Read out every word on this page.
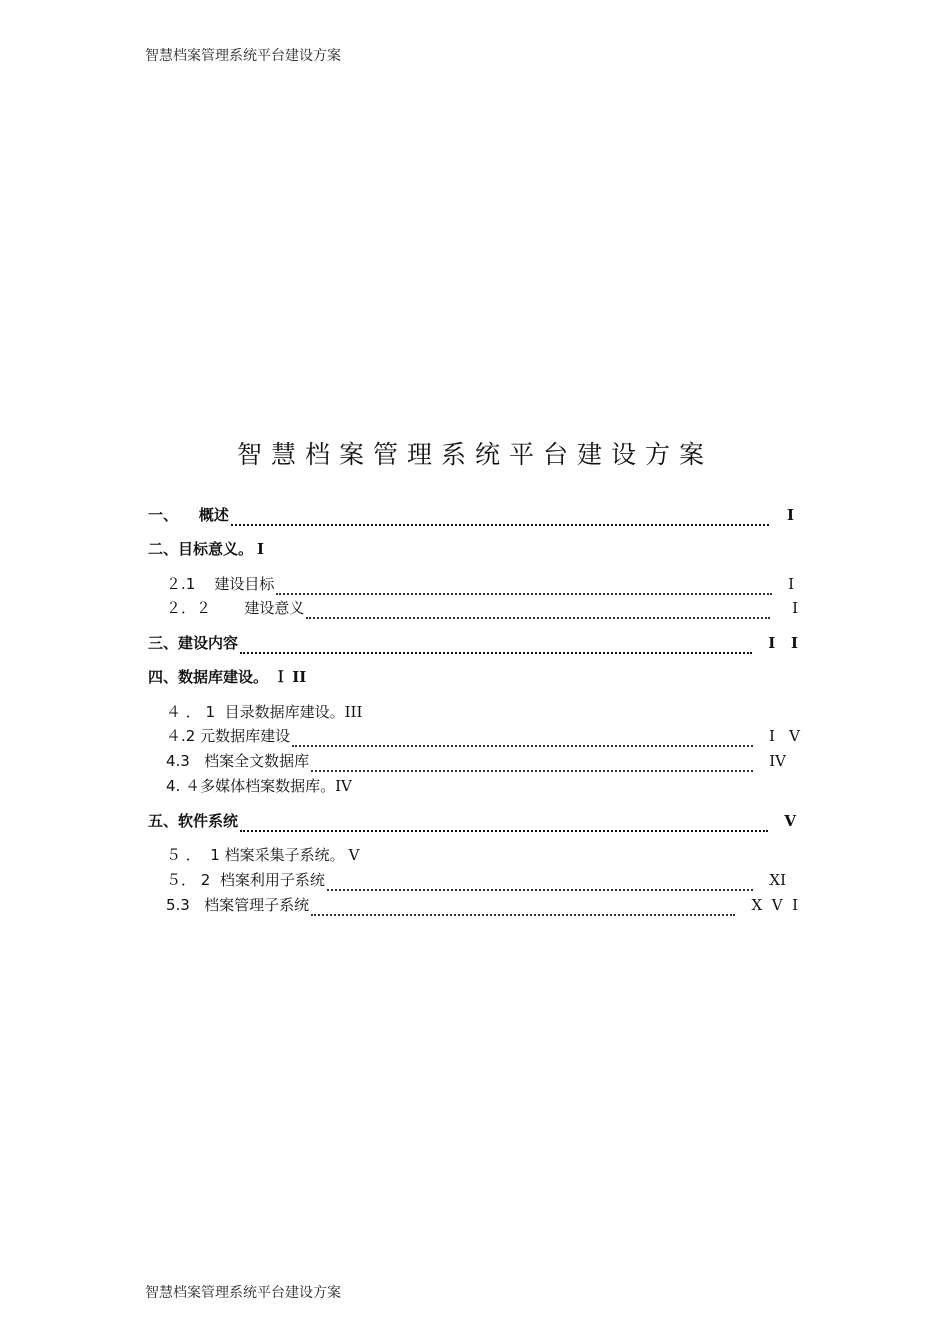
智慧档案管理系统平台建设方案
智慧档案管理系统平台建设方案
一、    概述	I
二、目标意义。 I
２.1    建设目标	I
２．２       建设意义	I
三、建设内容	I   I
四、数据库建设。 Ｉ II
４ ． 1  目录数据库建设。 III
４.2 元数据库建设	I   V
4.3   档案全文数据库	IV
4. ４多媒体档案数据库。 IV
五、软件系统	V
５ ．  1 档案采集子系统。 V
５． 2  档案利用子系统	XI
5.3   档案管理子系统	X  V  I
智慧档案管理系统平台建设方案
